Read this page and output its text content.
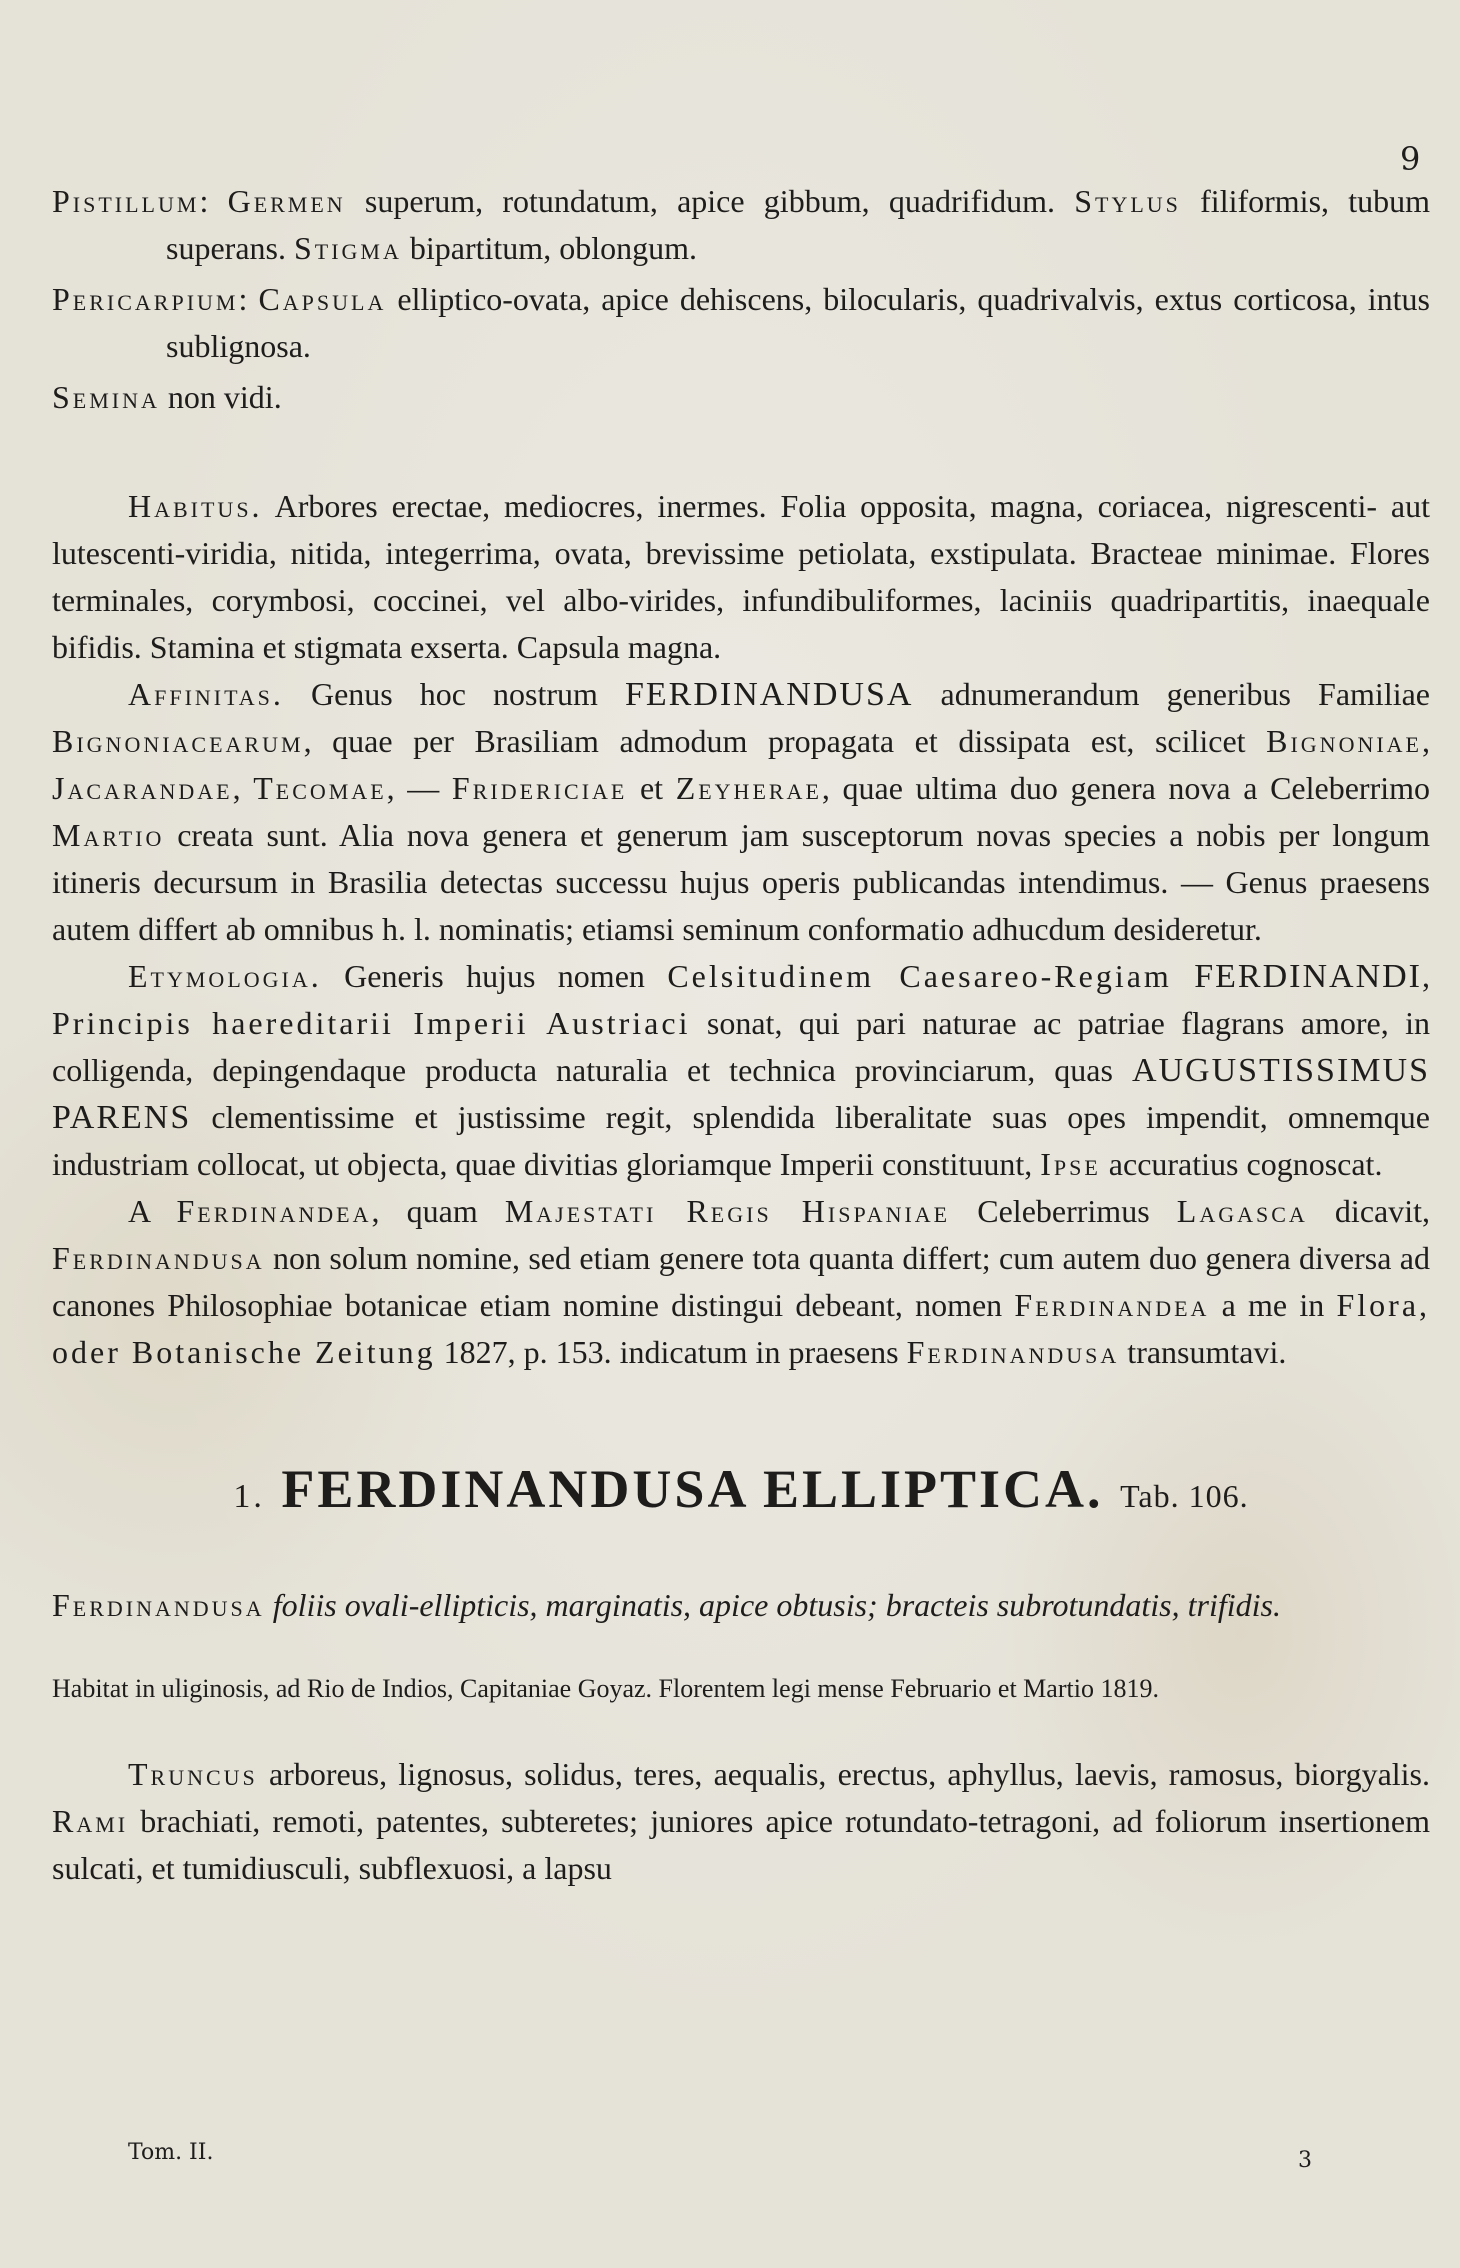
9

Pistillum: Germen superum, rotundatum, apice gibbum, quadrifidum. Stylus filiformis, tubum superans. Stigma bipartitum, oblongum.

Pericarpium: Capsula elliptico-ovata, apice dehiscens, bilocularis, quadrivalvis, extus corticosa, intus sublignosa.

Semina non vidi.

Habitus. Arbores erectae, mediocres, inermes. Folia opposita, magna, coriacea, nigrescenti- aut lutescenti-viridia, nitida, integerrima, ovata, brevissime petiolata, exstipulata. Bracteae minimae. Flores terminales, corymbosi, coccinei, vel albo-virides, infundibuliformes, laciniis quadripartitis, inaequale bifidis. Stamina et stigmata exserta. Capsula magna.

Affinitas. Genus hoc nostrum FERDINANDUSA adnumerandum generibus Familiae Bignoniacearum, quae per Brasiliam admodum propagata et dissipata est, scilicet Bignoniae, Jacarandae, Tecomae, — Fridericiae et Zeyherae, quae ultima duo genera nova a Celeberrimo Martio creata sunt. Alia nova genera et generum jam susceptorum novas species a nobis per longum itineris decursum in Brasilia detectas successu hujus operis publicandas intendimus. — Genus praesens autem differt ab omnibus h. l. nominatis; etiamsi seminum conformatio adhucdum desideretur.

Etymologia. Generis hujus nomen Celsitudinem Caesareo-Regiam FERDINANDI, Principis haereditarii Imperii Austriaci sonat, qui pari naturae ac patriae flagrans amore, in colligenda, depingendaque producta naturalia et technica provinciarum, quas AUGUSTISSIMUS PARENS clementissime et justissime regit, splendida liberalitate suas opes impendit, omnemque industriam collocat, ut objecta, quae divitias gloriamque Imperii constituunt, Ipse accuratius cognoscat.

A Ferdinandea, quam Majestati Regis Hispaniae Celeberrimus Lagasca dicavit, Ferdinandusa non solum nomine, sed etiam genere tota quanta differt; cum autem duo genera diversa ad canones Philosophiae botanicae etiam nomine distingui debeant, nomen Ferdinandea a me in Flora, oder Botanische Zeitung 1827, p. 153. indicatum in praesens Ferdinandusa transumtavi.

1. FERDINANDUSA ELLIPTICA. Tab. 106.

Ferdinandusa foliis ovali-ellipticis, marginatis, apice obtusis; bracteis subrotundatis, trifidis.

Habitat in uliginosis, ad Rio de Indios, Capitaniae Goyaz. Florentem legi mense Februario et Martio 1819.

Truncus arboreus, lignosus, solidus, teres, aequalis, erectus, aphyllus, laevis, ramosus, biorgyalis. Rami brachiati, remoti, patentes, subteretes; juniores apice rotundato-tetragoni, ad foliorum insertionem sulcati, et tumidiusculi, subflexuosi, a lapsu

Tom. II.	3
